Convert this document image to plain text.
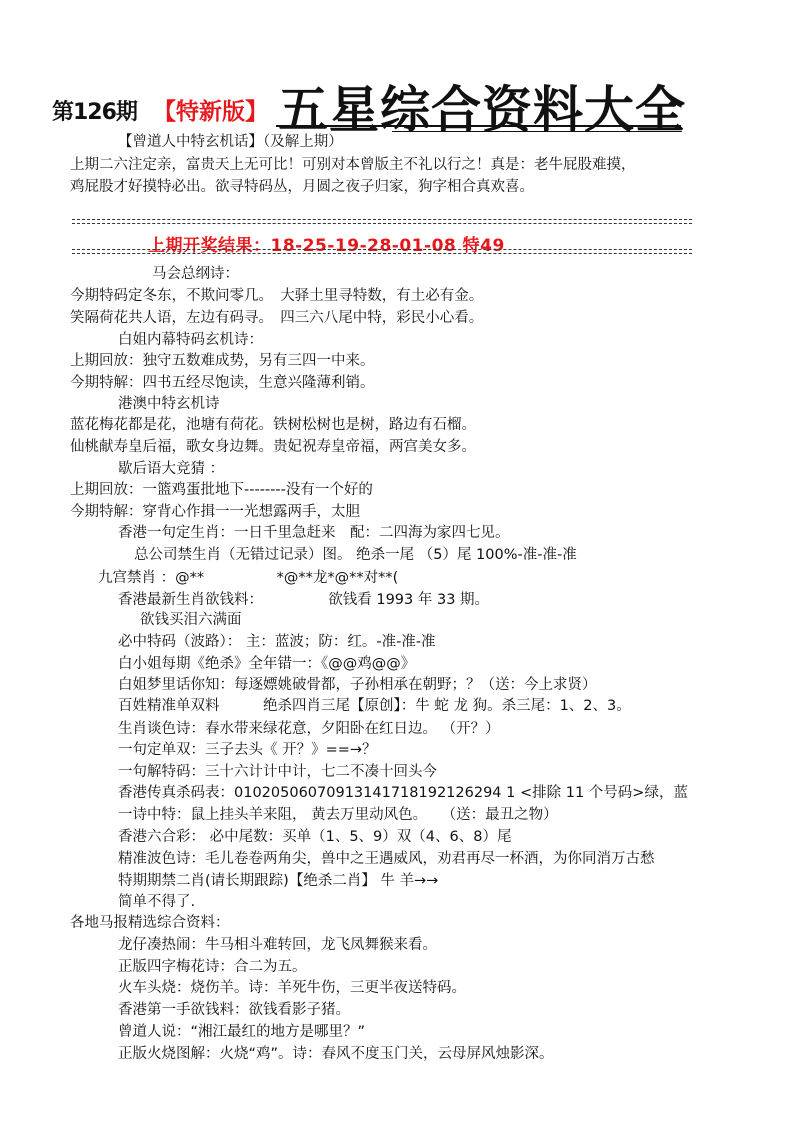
第126期 【特新版】 五星综合资料大全
【曾道人中特玄机话】（及解上期）
上期二六注定亲，富贵天上无可比！可别对本曾版主不礼以行之！真是：老牛屁股难摸，
鸡屁股才好摸特必出。欲寻特码丛，月圆之夜子归家，狗字相合真欢喜。
上期开奖结果：18-25-19-28-01-08 特49
马会总纲诗：
今期特码定冬东，不欺问零几。　大驿土里寻特数，有土必有金。
笑隔荷花共人语，左边有码寻。　四三六八尾中特，彩民小心看。
白姐内幕特码玄机诗：
上期回放：独守五数难成势，另有三四一中来。
今期特解：四书五经尽饱读，生意兴隆薄利销。
港澳中特玄机诗
蓝花梅花都是花，池塘有荷花。铁树松树也是树，路边有石榴。
仙桃献寿皇后福，歌女身边舞。贵妃祝寿皇帝福，两宫美女多。
歇后语大竞猜 ：
上期回放：一篮鸡蛋批地下--------没有一个好的
今期特解：穿背心作揖一一光想露两手，太胆
香港一句定生肖：一日千里急赶来　配：二四海为家四七见。
总公司禁生肖（无错过记录）图。 绝杀一尾 （5）尾 100%-准-准-准
九宫禁肖 ：@**　　　　　*@**龙*@**对**(
香港最新生肖欲钱料：　　　　　欲钱看 1993 年 33 期。
欲钱买泪六满面
必中特码（波路）： 主：蓝波；防：红。-准-准-准
白小姐每期《绝杀》全年错一：《@@鸡@@》
白姐梦里话你知：每逐嫖姚破骨都，子孙相承在朝野；？（送：今上求贤）
百姓精准单双料　　　绝杀四肖三尾【原创】：牛 蛇 龙 狗。杀三尾：1、2、3。
生肖谈色诗：春水带来绿花意，夕阳卧在红日边。 （开？）
一句定单双：三子去头《 开？》==→？
一句解特码：三十六计计中计，七二不凑十回头今
香港传真杀码表：01020506070913141718192126294 1 <排除 11 个号码>绿，蓝
一诗中特：鼠上挂头羊来阻， 黄去万里动风色。　　（送：最丑之物）
香港六合彩： 必中尾数：买单（1、5、9）双（4、6、8）尾
精准波色诗：毛儿卷卷两角尖，兽中之王遇威风，劝君再尽一杯酒，为你同消万古愁
特期期禁二肖(请长期跟踪)【绝杀二肖】 牛 羊→→
简单不得了.
各地马报精选综合资料：
龙仔凑热闹：牛马相斗难转回，龙飞凤舞猴来看。
正版四字梅花诗：合二为五。
火车头烧：烧伤羊。诗：羊死牛伤，三更半夜送特码。
香港第一手欲钱料：欲钱看影子猪。
曾道人说：“湘江最红的地方是哪里？”
正版火烧图解：火烧“鸡”。诗：春风不度玉门关，云母屏风烛影深。
